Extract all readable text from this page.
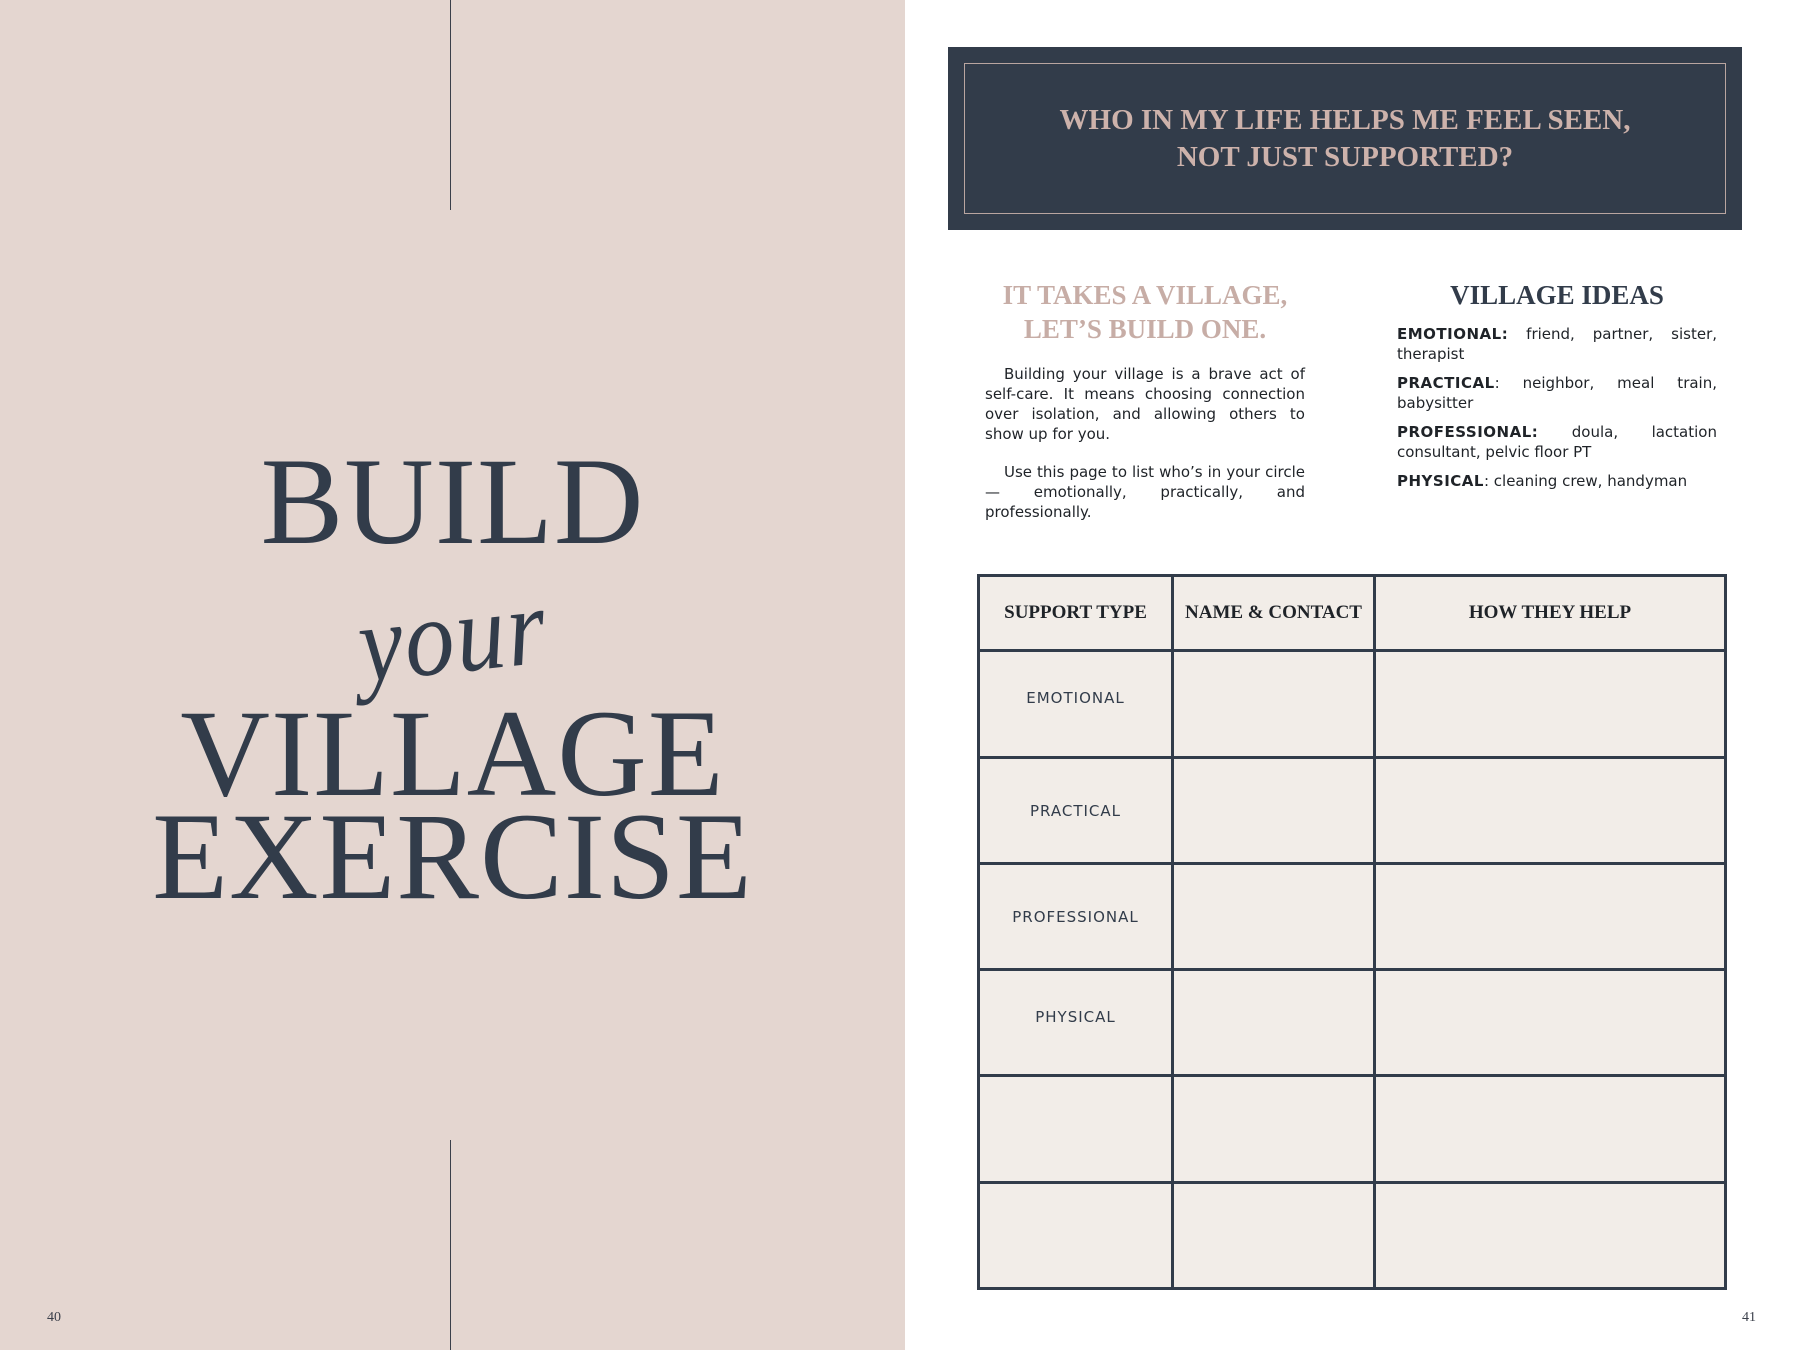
BUILD
your
VILLAGE
EXERCISE
40
WHO IN MY LIFE HELPS ME FEEL SEEN,
NOT JUST SUPPORTED?
IT TAKES A VILLAGE,
LET’S BUILD ONE.

Building your village is a brave act of self-care. It means choosing connection over isolation, and allowing others to show up for you.

Use this page to list who’s in your circle — emotionally, practically, and professionally.

VILLAGE IDEAS

EMOTIONAL: friend, partner, sister, therapist

PRACTICAL: neighbor, meal train, babysitter

PROFESSIONAL: doula, lactation consultant, pelvic floor PT

PHYSICAL: cleaning crew, handyman

SUPPORT TYPE	NAME & CONTACT	HOW THEY HELP
EMOTIONAL		
PRACTICAL		
PROFESSIONAL		
PHYSICAL		

41
